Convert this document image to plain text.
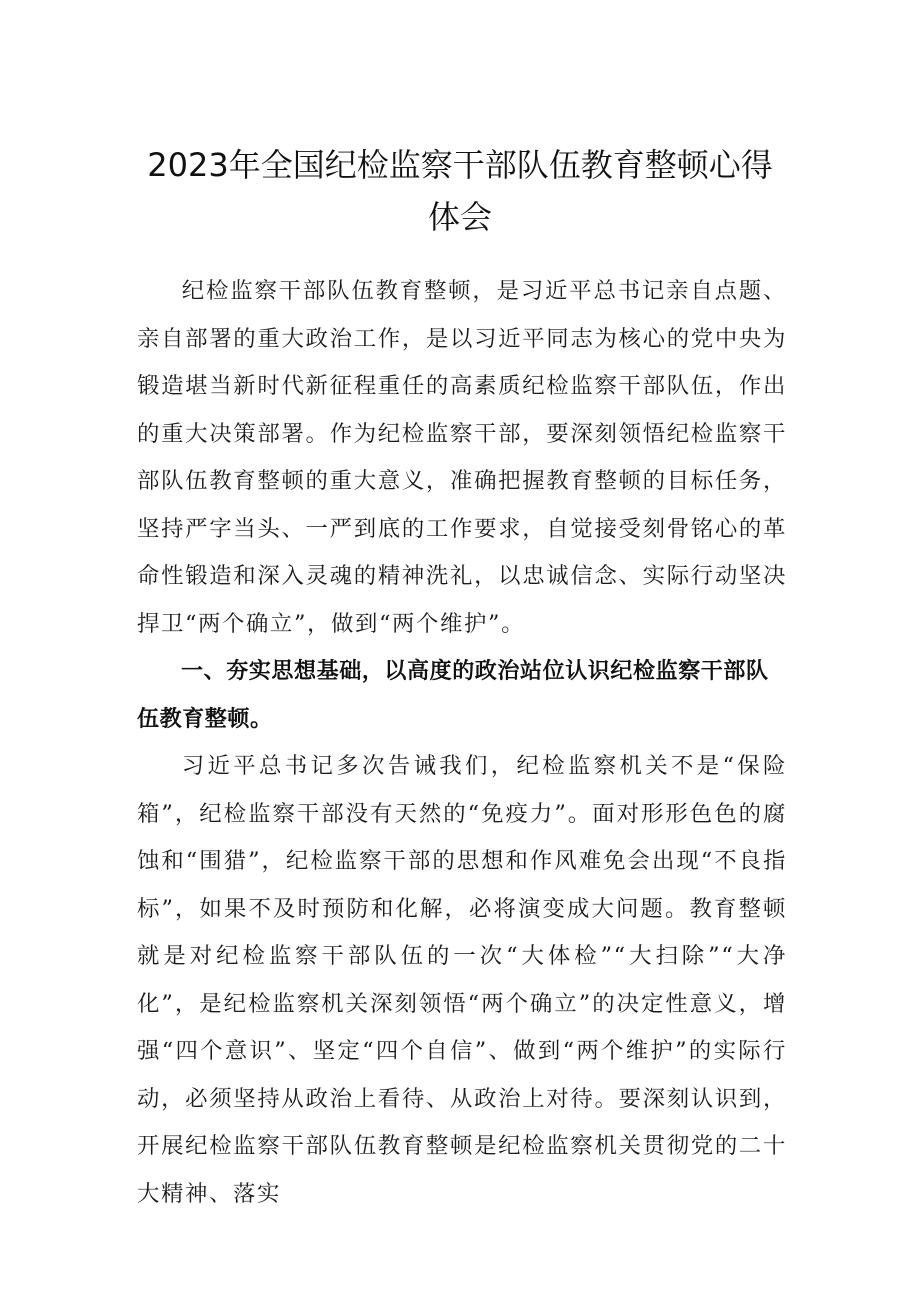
2023年全国纪检监察干部队伍教育整顿心得
体会

纪检监察干部队伍教育整顿，是习近平总书记亲自点题、亲自部署的重大政治工作，是以习近平同志为核心的党中央为锻造堪当新时代新征程重任的高素质纪检监察干部队伍，作出的重大决策部署。作为纪检监察干部，要深刻领悟纪检监察干部队伍教育整顿的重大意义，准确把握教育整顿的目标任务，坚持严字当头、一严到底的工作要求，自觉接受刻骨铭心的革命性锻造和深入灵魂的精神洗礼，以忠诚信念、实际行动坚决捍卫“两个确立”，做到“两个维护”。

一、夯实思想基础，以高度的政治站位认识纪检监察干部队伍教育整顿。

习近平总书记多次告诫我们，纪检监察机关不是“保险箱”，纪检监察干部没有天然的“免疫力”。面对形形色色的腐蚀和“围猎”，纪检监察干部的思想和作风难免会出现“不良指标”，如果不及时预防和化解，必将演变成大问题。教育整顿就是对纪检监察干部队伍的一次“大体检”“大扫除”“大净化”，是纪检监察机关深刻领悟“两个确立”的决定性意义，增强“四个意识”、坚定“四个自信”、做到“两个维护”的实际行动，必须坚持从政治上看待、从政治上对待。要深刻认识到，开展纪检监察干部队伍教育整顿是纪检监察机关贯彻党的二十大精神、落实
